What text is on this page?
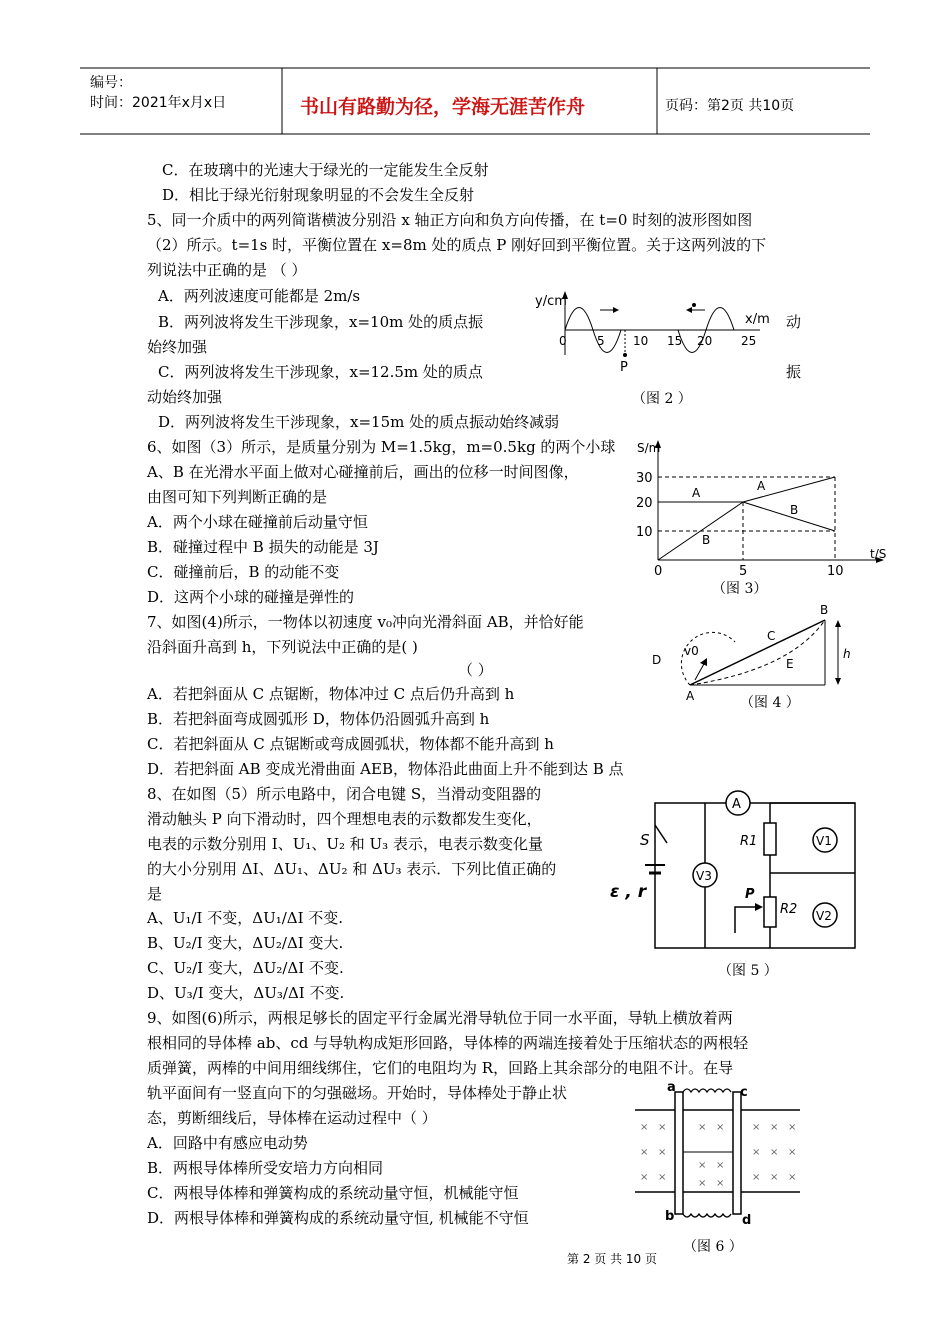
编号：
时间：2021年x月x日	书山有路勤为径，学海无涯苦作舟	页码：第2页 共10页
C．在玻璃中的光速大于绿光的一定能发生全反射
D．相比于绿光衍射现象明显的不会发生全反射
5、同一介质中的两列简谐横波分别沿 x 轴正方向和负方向传播，在 t=0 时刻的波形图如图
（2）所示。t=1s 时，平衡位置在 x=8m 处的质点 P 刚好回到平衡位置。关于这两列波的下
列说法中正确的是 （ ）
A．两列波速度可能都是 2m/s
B．两列波将发生干涉现象，x=10m 处的质点振	动
始终加强
C．两列波将发生干涉现象，x=12.5m 处的质点	振
动始终加强
D．两列波将发生干涉现象，x=15m 处的质点振动始终减弱
6、如图（3）所示，是质量分别为 M=1.5kg，m=0.5kg 的两个小球
A、B 在光滑水平面上做对心碰撞前后，画出的位移一时间图像，
由图可知下列判断正确的是
A．两个小球在碰撞前后动量守恒
B．碰撞过程中 B 损失的动能是 3J
C．碰撞前后，B 的动能不变
D．这两个小球的碰撞是弹性的
7、如图(4)所示，一物体以初速度 v₀冲向光滑斜面 AB，并恰好能
沿斜面升高到 h，下列说法中正确的是( )
（ ）
A．若把斜面从 C 点锯断，物体冲过 C 点后仍升高到 h
B．若把斜面弯成圆弧形 D，物体仍沿圆弧升高到 h
C．若把斜面从 C 点锯断或弯成圆弧状，物体都不能升高到 h
D．若把斜面 AB 变成光滑曲面 AEB，物体沿此曲面上升不能到达 B 点
8、在如图（5）所示电路中，闭合电键 S，当滑动变阻器的
滑动触头 P 向下滑动时，四个理想电表的示数都发生变化，
电表的示数分别用 I、U₁、U₂ 和 U₃ 表示，电表示数变化量
的大小分别用 ΔI、ΔU₁、ΔU₂ 和 ΔU₃ 表示．下列比值正确的
是
A、U₁/I 不变，ΔU₁/ΔI 不变.
B、U₂/I 变大，ΔU₂/ΔI 变大.
C、U₂/I 变大，ΔU₂/ΔI 不变.
D、U₃/I 变大，ΔU₃/ΔI 不变.
9、如图(6)所示，两根足够长的固定平行金属光滑导轨位于同一水平面，导轨上横放着两
根相同的导体棒 ab、cd 与导轨构成矩形回路，导体棒的两端连接着处于压缩状态的两根轻
质弹簧，两棒的中间用细线绑住，它们的电阻均为 R，回路上其余部分的电阻不计。在导
轨平面间有一竖直向下的匀强磁场。开始时，导体棒处于静止状
态，剪断细线后，导体棒在运动过程中（ ）
A．回路中有感应电动势
B．两根导体棒所受安培力方向相同
C．两根导体棒和弹簧构成的系统动量守恒，机械能守恒
D．两根导体棒和弹簧构成的系统动量守恒, 机械能不守恒
y/cm
x/m
0	5 10 15 20 25
P
（图 2 ）
S/m
t/S
30
20
10
0	5	10
A	A
B
B
（图 3）
B
C
D
v0
E
h
A	（图 4 ）
A
R1	V1
R2 V2
V3
S
ε , r	P
（图 5 ）
× ×	× ×	× × ×
× ×
× ×
× × ×
× ×
× ×
× × ×
a	c
b	d
（图 6 ）
第 2 页 共 10 页
